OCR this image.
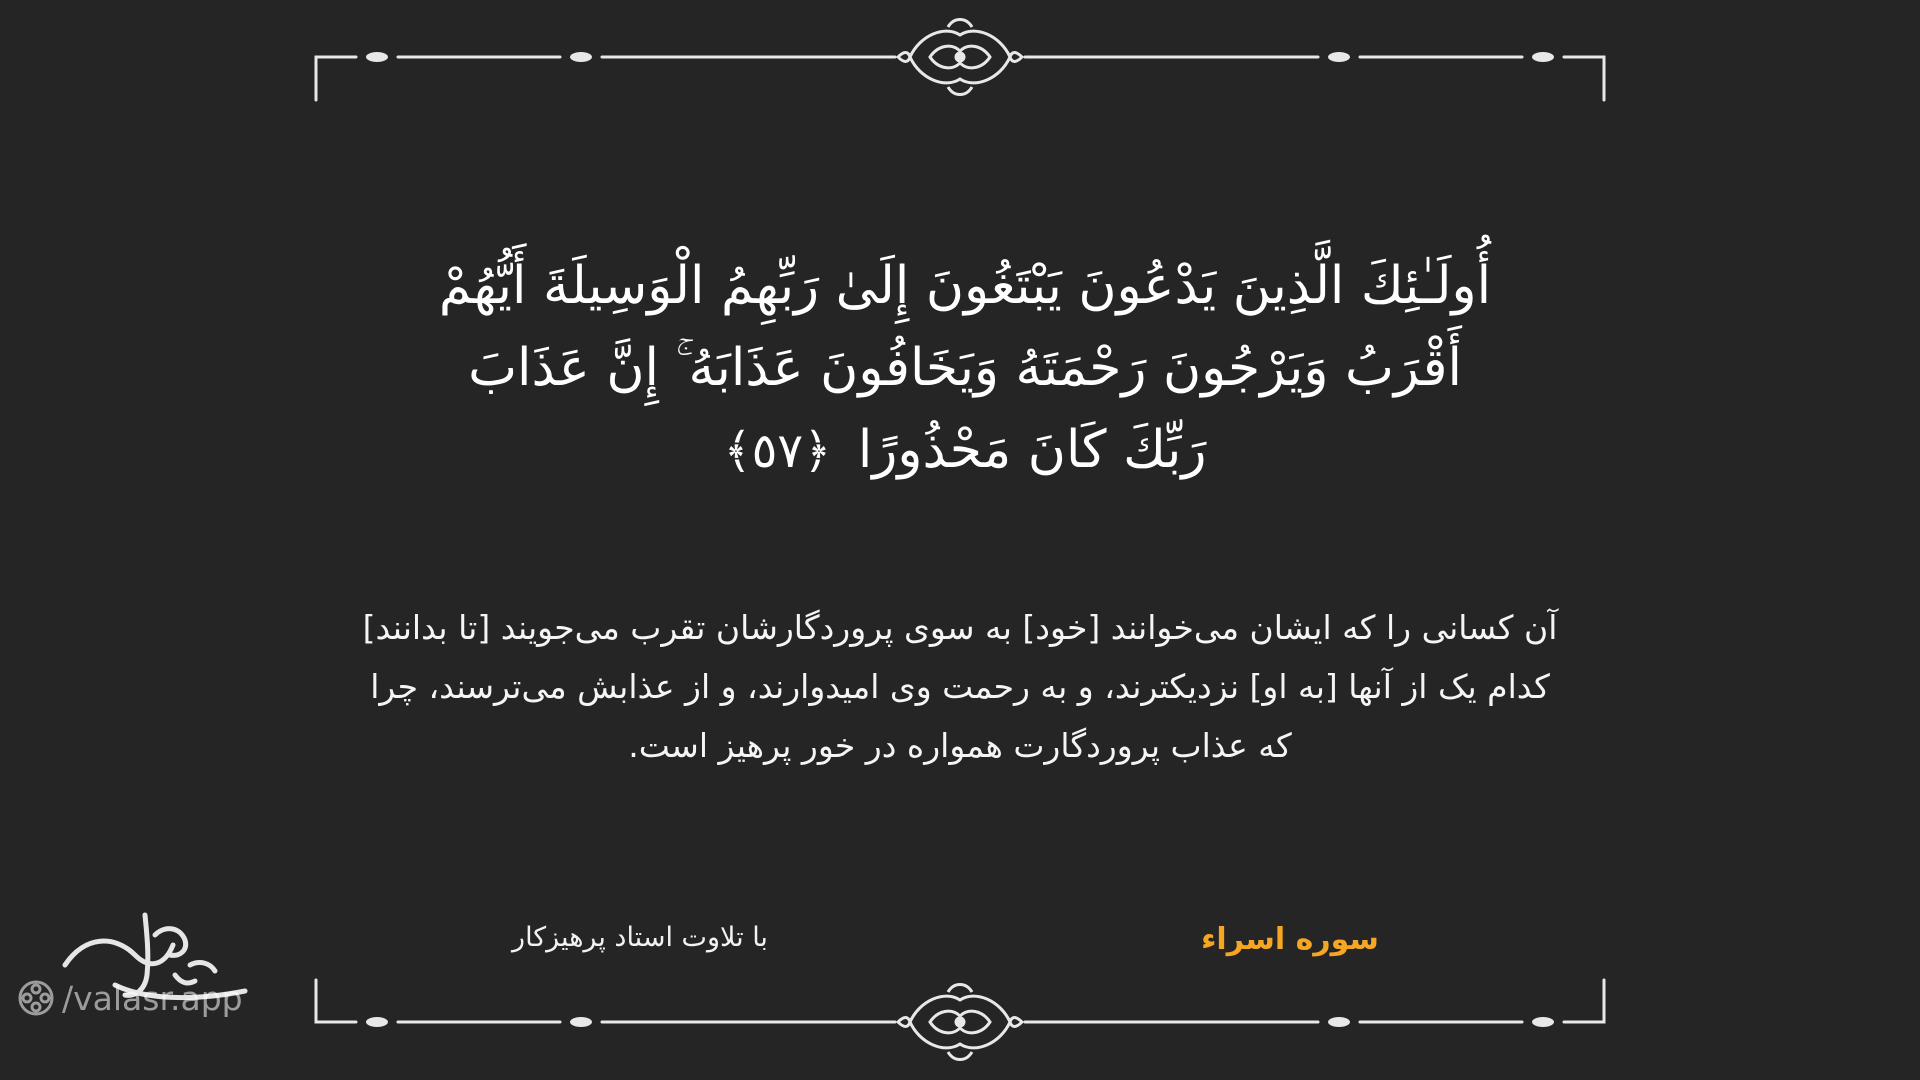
أُولَـٰئِكَ الَّذِينَ يَدْعُونَ يَبْتَغُونَ إِلَىٰ رَبِّهِمُ الْوَسِيلَةَ أَيُّهُمْ
أَقْرَبُ وَيَرْجُونَ رَحْمَتَهُ وَيَخَافُونَ عَذَابَهُ ۚ إِنَّ عَذَابَ
رَبِّكَ كَانَ مَحْذُورًا ﴿٥٧﴾
آن کسانی را که ایشان می‌خوانند [خود] به سوی پروردگارشان تقرب می‌جویند [تا بدانند] کدام یک از آنها [به او] نزدیکترند، و به رحمت وی امیدوارند، و از عذابش می‌ترسند، چرا که عذاب پروردگارت همواره در خور پرهیز است.
سوره اسراء
با تلاوت استاد پرهیزکار
/valasr.app
